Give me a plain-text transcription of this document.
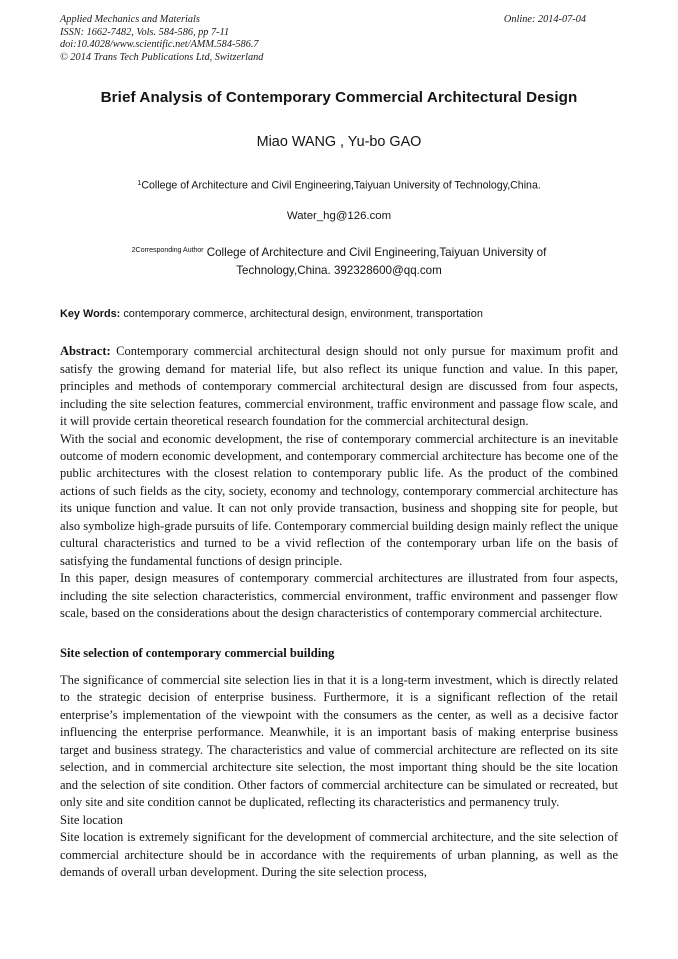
Applied Mechanics and Materials
ISSN: 1662-7482, Vols. 584-586, pp 7-11
doi:10.4028/www.scientific.net/AMM.584-586.7
© 2014 Trans Tech Publications Ltd, Switzerland
Online: 2014-07-04
Brief Analysis of Contemporary Commercial Architectural Design
Miao WANG , Yu-bo GAO
$^1$College of Architecture and Civil Engineering,Taiyuan University of Technology,China.
Water_hg@126.com
$^{2Corresponding Author}$ College of Architecture and Civil Engineering,Taiyuan University of Technology,China. 392328600@qq.com
Key Words: contemporary commerce, architectural design, environment, transportation

Abstract: Contemporary commercial architectural design should not only pursue for maximum profit and satisfy the growing demand for material life, but also reflect its unique function and value. In this paper, principles and methods of contemporary commercial architectural design are discussed from four aspects, including the site selection features, commercial environment, traffic environment and passage flow scale, and it will provide certain theoretical research foundation for the commercial architectural design.

With the social and economic development, the rise of contemporary commercial architecture is an inevitable outcome of modern economic development, and contemporary commercial architecture has become one of the public architectures with the closest relation to contemporary public life. As the product of the combined actions of such fields as the city, society, economy and technology, contemporary commercial architecture has its unique function and value. It can not only provide transaction, business and shopping site for people, but also symbolize high-grade pursuits of life. Contemporary commercial building design mainly reflect the unique cultural characteristics and turned to be a vivid reflection of the contemporary urban life on the basis of satisfying the fundamental functions of design principle.

In this paper, design measures of contemporary commercial architectures are illustrated from four aspects, including the site selection characteristics, commercial environment, traffic environment and passenger flow scale, based on the considerations about the design characteristics of contemporary commercial architecture.

Site selection of contemporary commercial building

The significance of commercial site selection lies in that it is a long-term investment, which is directly related to the strategic decision of enterprise business. Furthermore, it is a significant reflection of the retail enterprise’s implementation of the viewpoint with the consumers as the center, as well as a decisive factor influencing the enterprise performance. Meanwhile, it is an important basis of making enterprise business target and business strategy. The characteristics and value of commercial architecture are reflected on its site selection, and in commercial architecture site selection, the most important thing should be the site location and the selection of site condition. Other factors of commercial architecture can be simulated or recreated, but only site and site condition cannot be duplicated, reflecting its characteristics and permanency truly.

Site location

Site location is extremely significant for the development of commercial architecture, and the site selection of commercial architecture should be in accordance with the requirements of urban planning, as well as the demands of overall urban development. During the site selection process,
